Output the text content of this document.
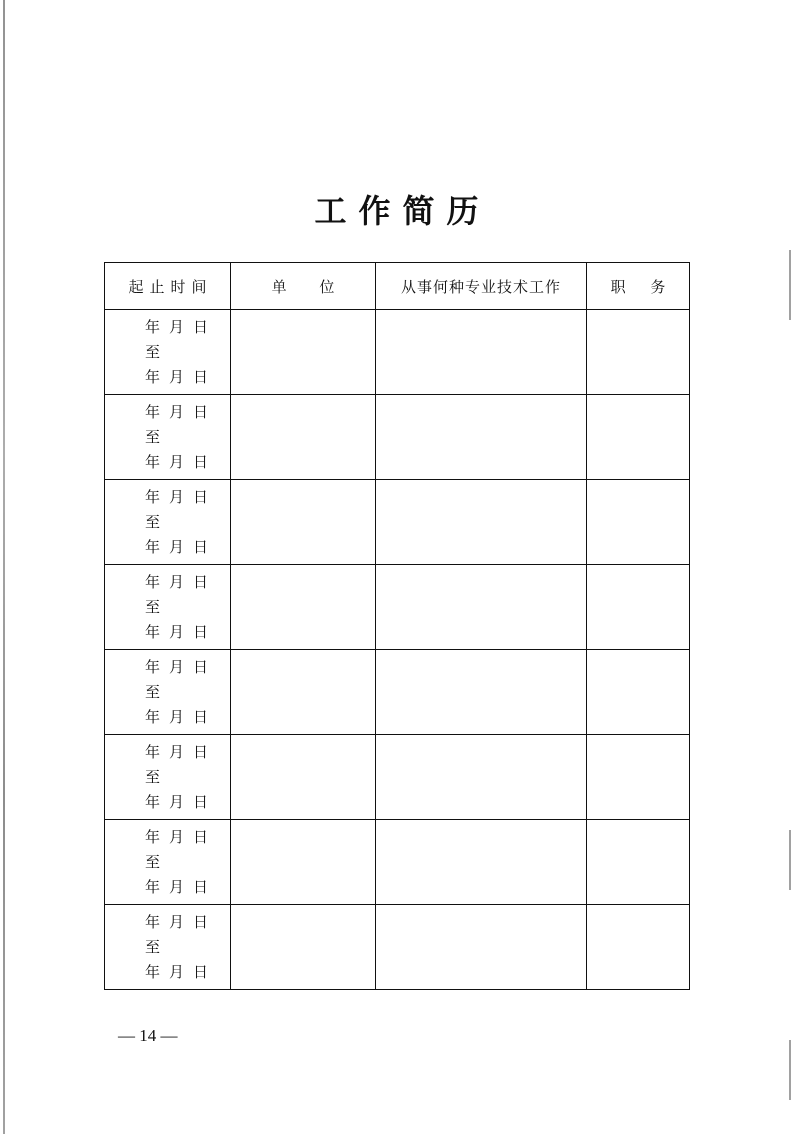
工作简历
起止时间	单 位	从事何种专业技术工作	职 务

年月日
至
年月日			

年月日
至
年月日			

年月日
至
年月日			

年月日
至
年月日			

年月日
至
年月日			

年月日
至
年月日			

年月日
至
年月日			

年月日
至
年月日			

— 14 —
